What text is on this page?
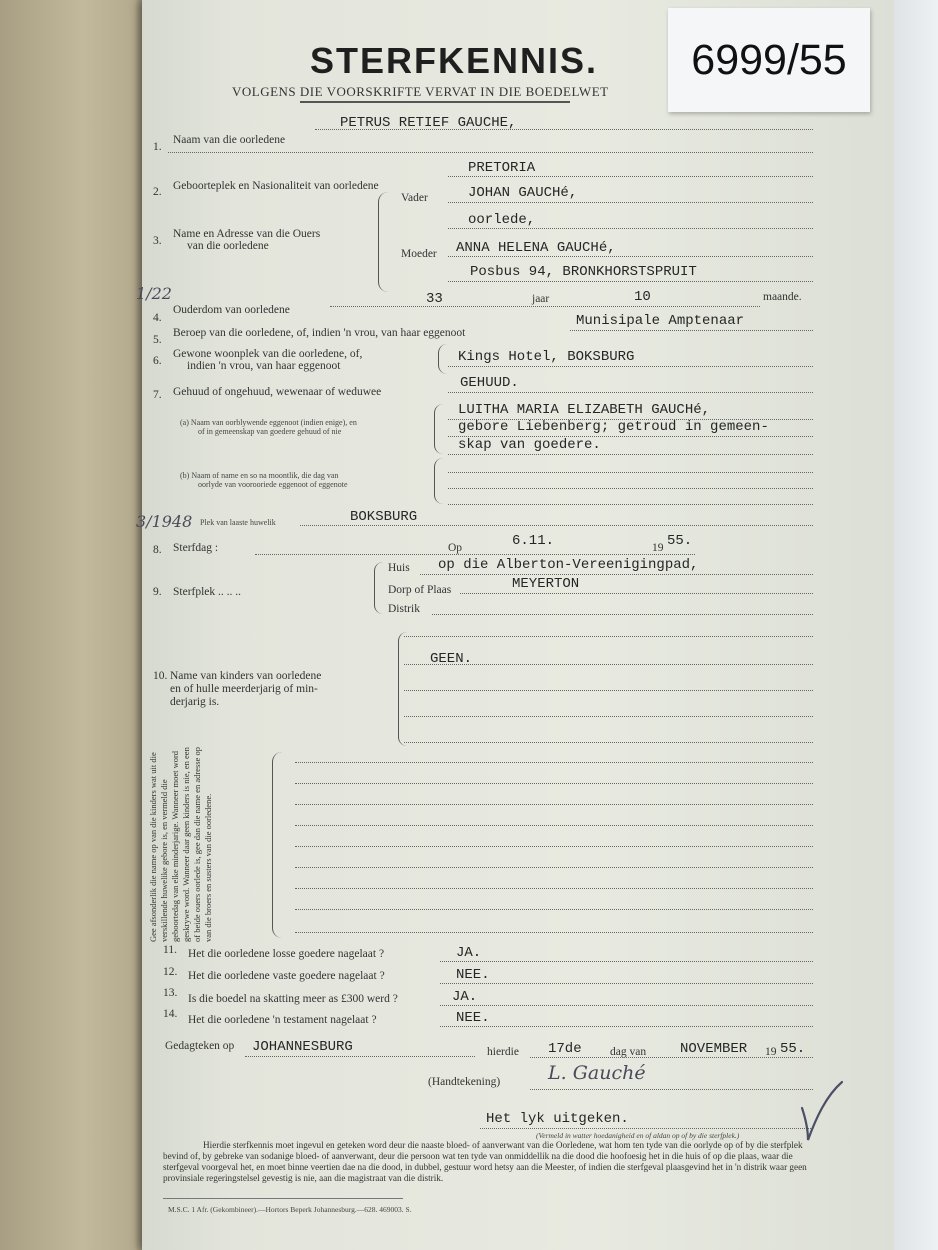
6999/55
STERFKENNIS.
VOLGENS DIE VOORSKRIFTE VERVAT IN DIE BOEDELWET
1/22
3/1948
1.
Naam van die oorledene
PETRUS RETIEF GAUCHE,
2. Geboorteplek en Nasionaliteit van oorledene
PRETORIA
3.
Name en Adresse van die Ouers
van die oorledene
Vader	JOHAN GAUCHé,
oorlede,
Moeder ANNA HELENA GAUCHé,
Posbus 94, BRONKHORSTSPRUIT
4.
Ouderdom van oorledene
33	jaar	10	maande.
5.
Beroep van die oorledene, of, indien 'n vrou, van haar eggenoot
Munisipale Amptenaar
6.
Gewone woonplek van die oorledene, of,
indien 'n vrou, van haar eggenoot
Kings Hotel, BOKSBURG
7. Gehuud of ongehuud, wewenaar of weduwee
GEHUUD.
(a) Naam van oorblywende eggenoot (indien enige), en
of in gemeenskap van goedere gehuud of nie
LUITHA MARIA ELIZABETH GAUCHé,
gebore Liebenberg; getroud in gemeen-
skap van goedere.
(b) Naam of name en so na moontlik, die dag van
oorlyde van voorooriede eggenoot of eggenote
Plek van laaste huwelik	BOKSBURG
8. Sterfdag :	Op	6.11.	19 55.
9. Sterfplek .. .. ..
Huis op die Alberton-Vereenigingpad,
Dorp of Plaas	MEYERTON
Distrik
10. Name van kinders van oorledene
en of hulle meerderjarig of min-
derjarig is.
GEEN.
Gee afsonderlik die name op van die kinders wat uit die verskillende huwelike gebore is, en vermeld die geboortedag van elke minderjarige. Wanneer moet word geskrywe word. Wanneer daar geen kinders is nie, en een of beide ouers oorlede is, gee dan die name en adresse op van die broers en susters van die oorledene.
11. Het die oorledene losse goedere nagelaat ?	JA.
12. Het die oorledene vaste goedere nagelaat ?	NEE.
13. Is die boedel na skatting meer as £300 werd ?	JA.
14. Het die oorledene 'n testament nagelaat ?	NEE.
Gedagteken op JOHANNESBURG	hierdie 17de dag van NOVEMBER 19 55.
(Handtekening)	L. Gauché
Het lyk uitgeken.
(Vermeld in watter hoedanigheid en of aldan op of by die sterfplek.)
Hierdie sterfkennis moet ingevul en geteken word deur die naaste bloed- of aanverwant van die Oorledene, wat hom ten tyde van die oorlyde op of by die sterfplek bevind of, by gebreke van sodanige bloed- of aanverwant, deur die persoon wat ten tyde van onmiddellik na die dood die hoofoesig het in die huis of op die plaas, waar die sterfgeval voorgeval het, en moet binne veertien dae na die dood, in dubbel, gestuur word hetsy aan die Meester, of indien die sterfgeval plaasgevind het in 'n distrik waar geen provinsiale regeringstelsel gevestig is nie, aan die magistraat van die distrik.
M.S.C. 1 Afr. (Gekombineer).—Hortors Beperk Johannesburg.—628. 469003. S.
